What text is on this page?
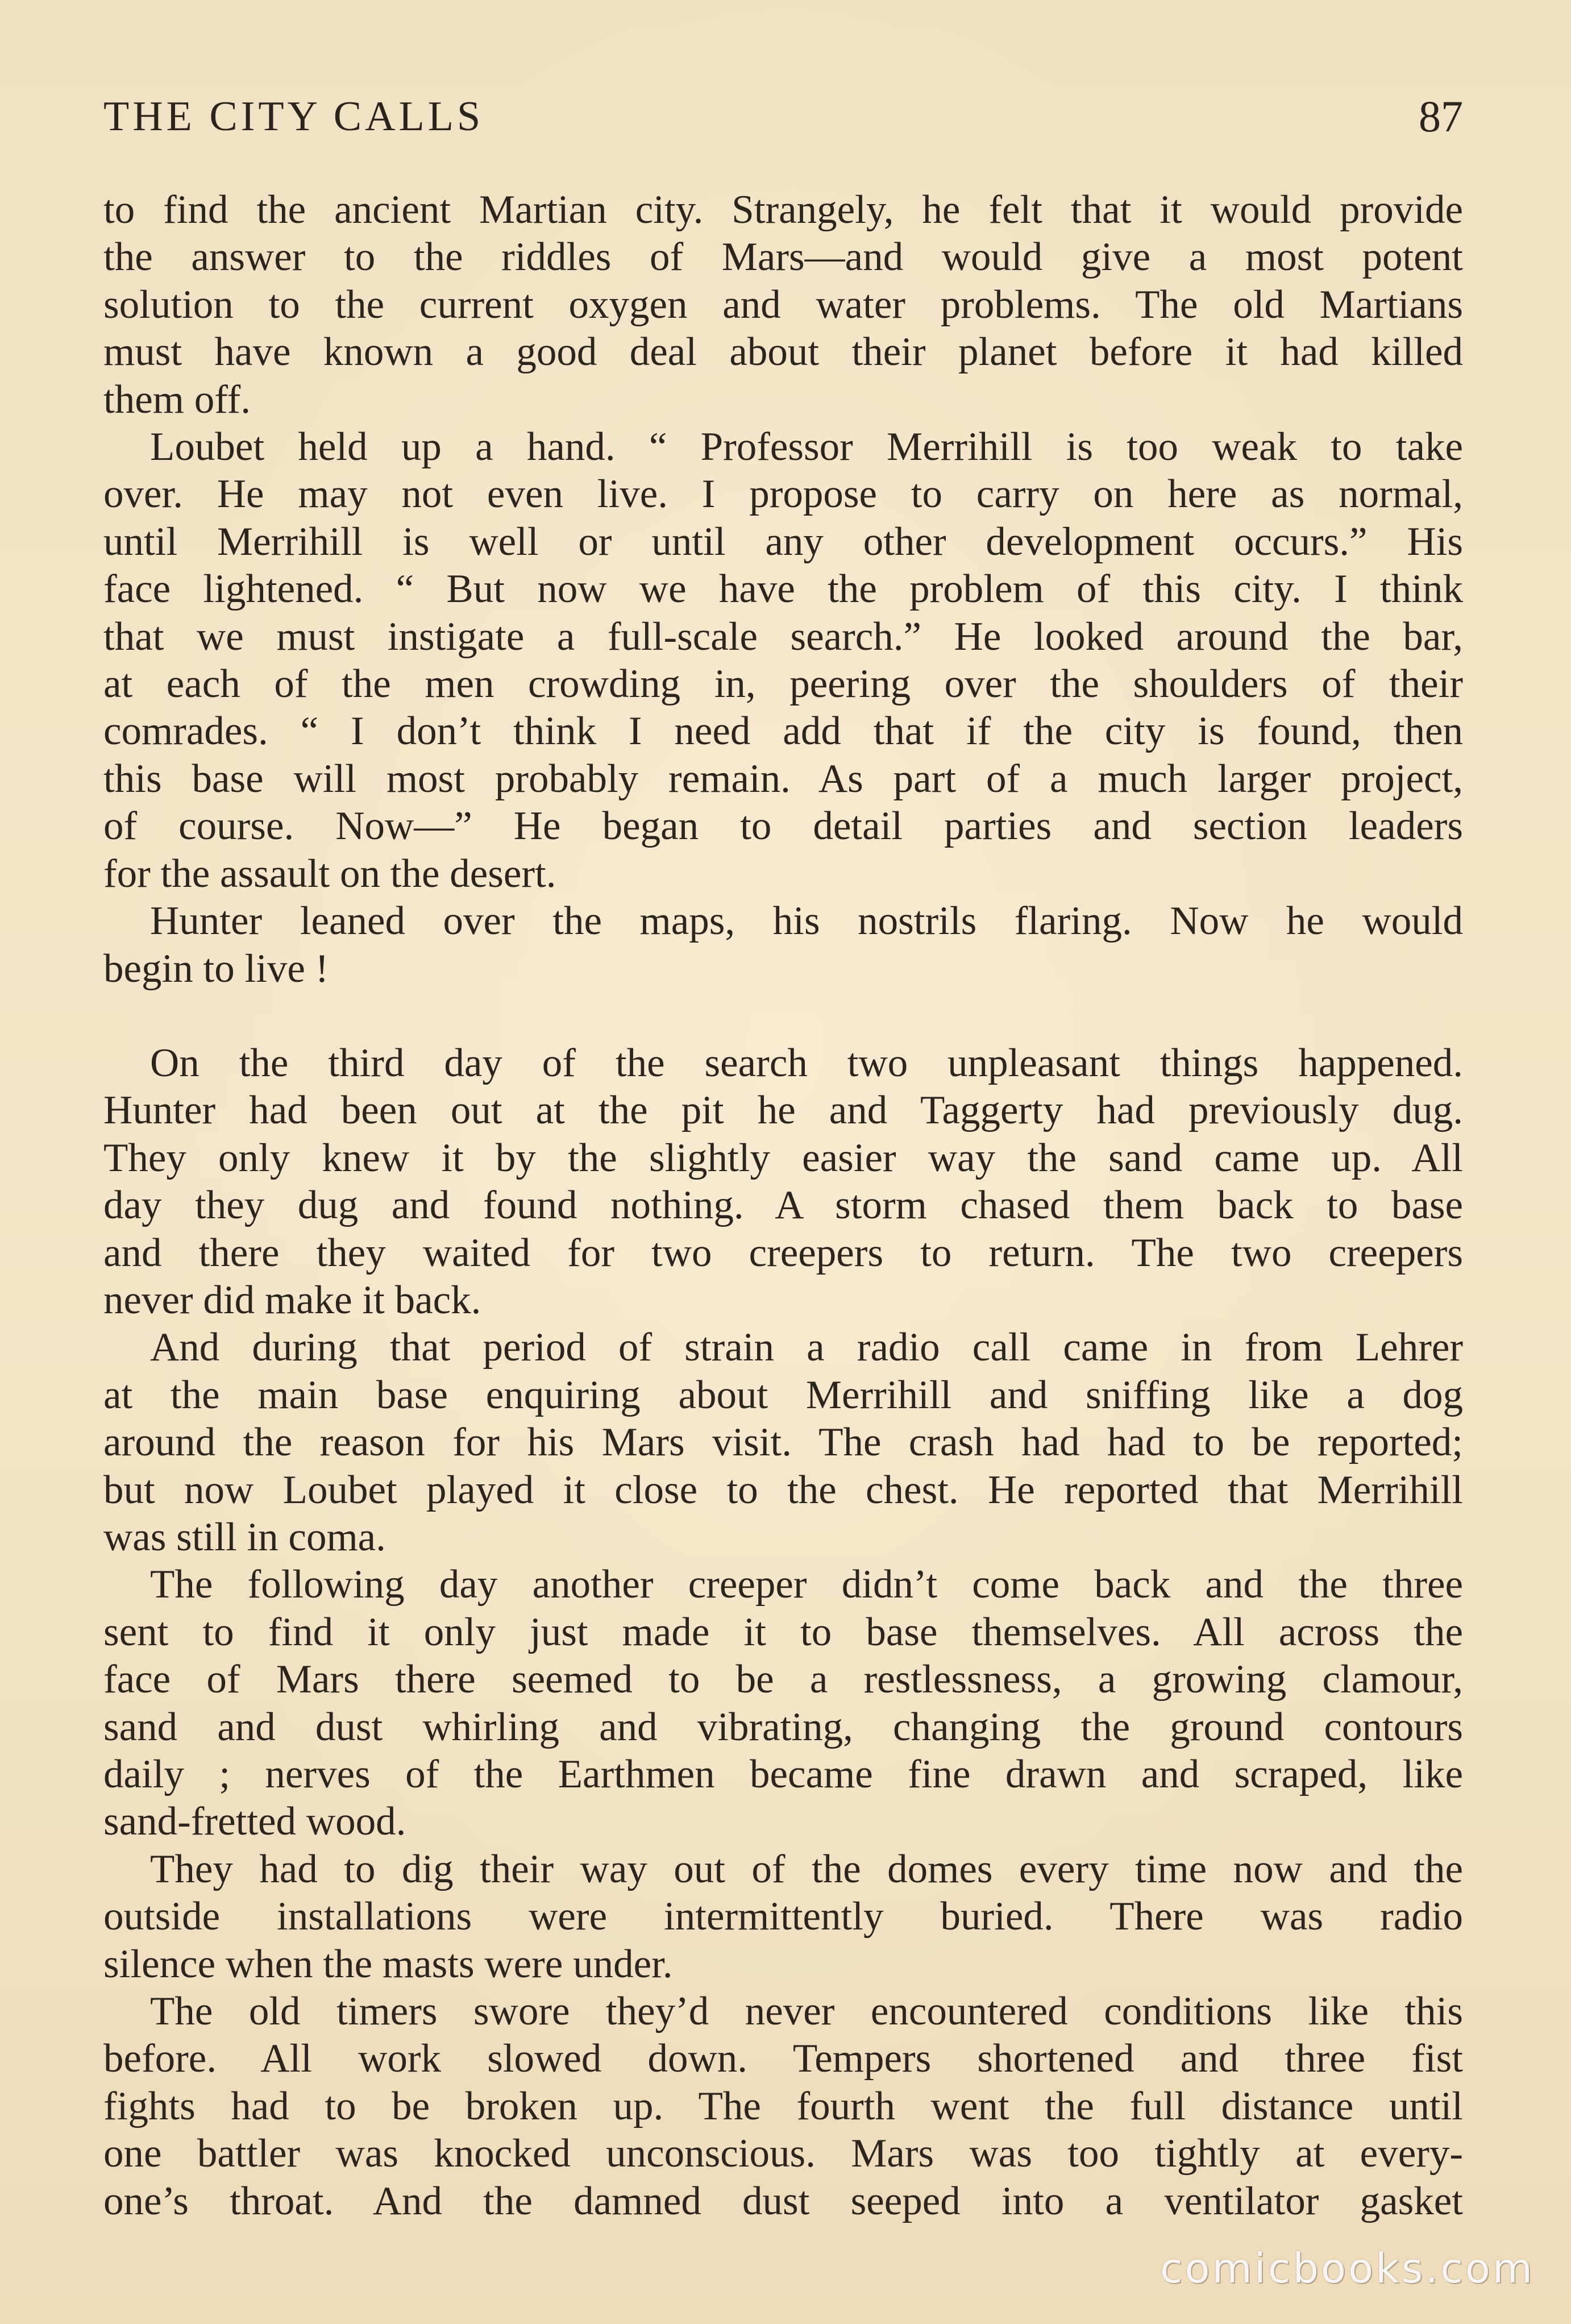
THE CITY CALLS	87
to find the ancient Martian city. Strangely, he felt that it would provide
the answer to the riddles of Mars—and would give a most potent
solution to the current oxygen and water problems. The old Martians
must have known a good deal about their planet before it had killed
them off.
Loubet held up a hand. “ Professor Merrihill is too weak to take
over. He may not even live. I propose to carry on here as normal,
until Merrihill is well or until any other development occurs.” His
face lightened. “ But now we have the problem of this city. I think
that we must instigate a full-scale search.” He looked around the bar,
at each of the men crowding in, peering over the shoulders of their
comrades. “ I don’t think I need add that if the city is found, then
this base will most probably remain. As part of a much larger project,
of course. Now—” He began to detail parties and section leaders
for the assault on the desert.
Hunter leaned over the maps, his nostrils flaring. Now he would
begin to live !
On the third day of the search two unpleasant things happened.
Hunter had been out at the pit he and Taggerty had previously dug.
They only knew it by the slightly easier way the sand came up. All
day they dug and found nothing. A storm chased them back to base
and there they waited for two creepers to return. The two creepers
never did make it back.
And during that period of strain a radio call came in from Lehrer
at the main base enquiring about Merrihill and sniffing like a dog
around the reason for his Mars visit. The crash had had to be reported;
but now Loubet played it close to the chest. He reported that Merrihill
was still in coma.
The following day another creeper didn’t come back and the three
sent to find it only just made it to base themselves. All across the
face of Mars there seemed to be a restlessness, a growing clamour,
sand and dust whirling and vibrating, changing the ground contours
daily ; nerves of the Earthmen became fine drawn and scraped, like
sand-fretted wood.
They had to dig their way out of the domes every time now and the
outside installations were intermittently buried. There was radio
silence when the masts were under.
The old timers swore they’d never encountered conditions like this
before. All work slowed down. Tempers shortened and three fist
fights had to be broken up. The fourth went the full distance until
one battler was knocked unconscious. Mars was too tightly at every-
one’s throat. And the damned dust seeped into a ventilator gasket
comicbooks.com
